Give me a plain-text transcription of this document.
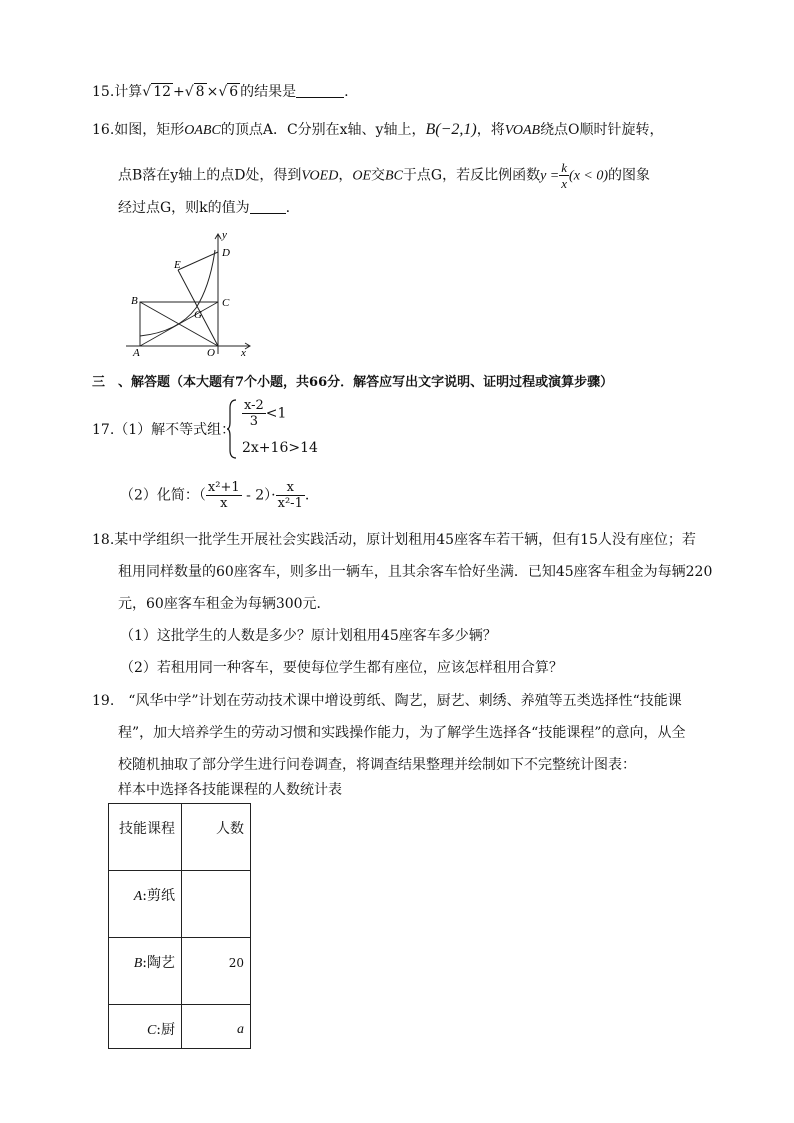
15.计算√ 12 +√ 8 ×√ 6 的结果是	.
16.如图，矩形OABC的顶点A．C分别在x轴、y轴上，B(−2,1)，将VOAB绕点O顺时针旋转，
点B落在y轴上的点D处，得到VOED，OE交BC于点G，若反比例函数$y = \frac{k}{x} (x < 0)$的图象
经过点G，则k的值为	.
y
D
E
B	C
G
A	O x
三　、解答题（本大题有7个小题，共66分．解答应写出文字说明、证明过程或演算步骤）
17.（1）解不等式组：
$\frac{x-2}{3} <1$
2x+16>14
（2）化简：（ $\frac{\text{x²+1}}{x} - 2)\cdot \frac{x}{\text{x²-1}}$ .
18.某中学组织一批学生开展社会实践活动，原计划租用45座客车若干辆，但有15人没有座位；若
租用同样数量的60座客车，则多出一辆车，且其余客车恰好坐满．已知45座客车租金为每辆220
元，60座客车租金为每辆300元．
（1）这批学生的人数是多少？原计划租用45座客车多少辆？
（2）若租用同一种客车，要使每位学生都有座位，应该怎样租用合算？
19.　“风华中学”计划在劳动技术课中增设剪纸、陶艺，厨艺、刺绣、养殖等五类选择性“技能课
程”，加大培养学生的劳动习惯和实践操作能力，为了解学生选择各“技能课程”的意向，从全
校随机抽取了部分学生进行问卷调查，将调查结果整理并绘制如下不完整统计图表：
样本中选择各技能课程的人数统计表
技能课程	人数
A:剪纸	
B:陶艺	20
C:厨	a
